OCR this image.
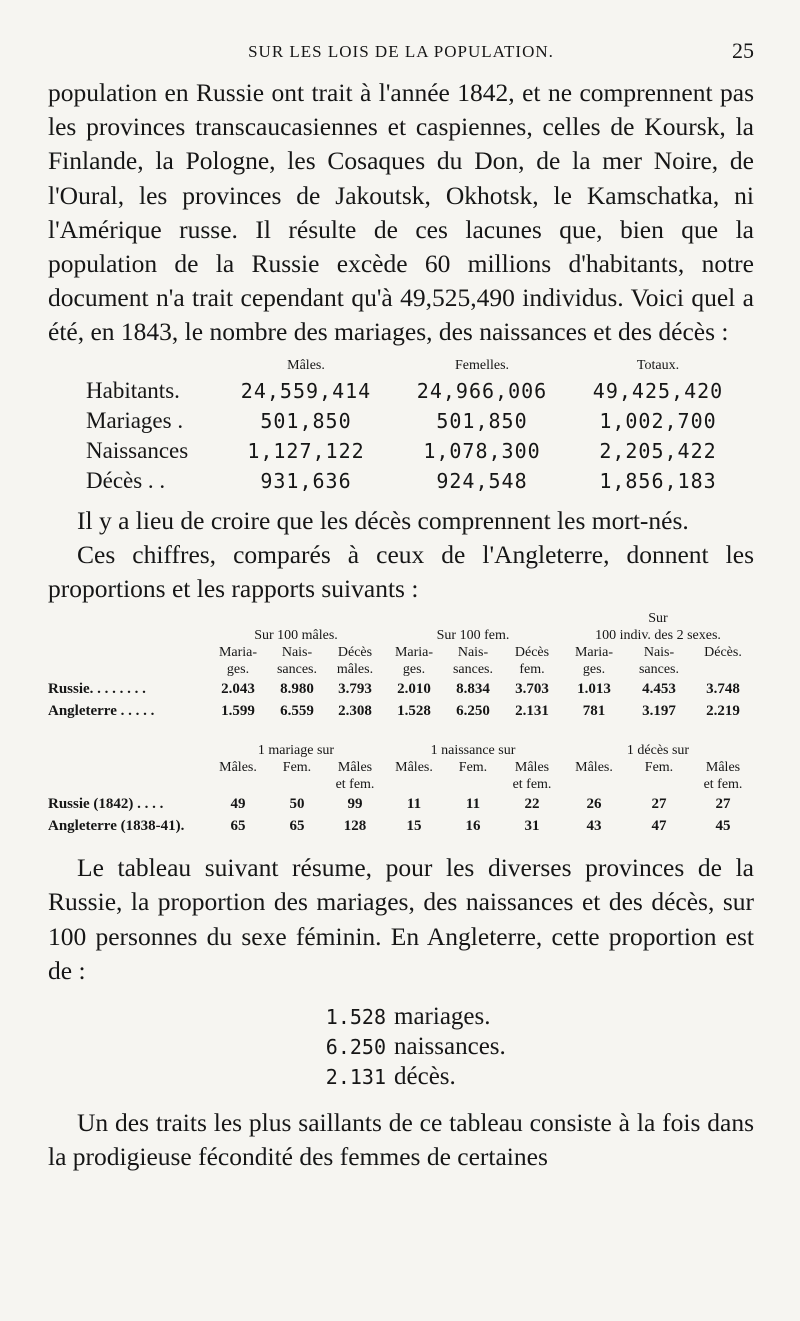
SUR LES LOIS DE LA POPULATION.	25

population en Russie ont trait à l'année 1842, et ne comprennent pas les provinces transcaucasiennes et caspiennes, celles de Koursk, la Finlande, la Pologne, les Cosaques du Don, de la mer Noire, de l'Oural, les provinces de Jakoutsk, Okhotsk, le Kamschatka, ni l'Amérique russe. Il résulte de ces lacunes que, bien que la population de la Russie excède 60 millions d'habitants, notre document n'a trait cependant qu'à 49,525,490 individus. Voici quel a été, en 1843, le nombre des mariages, des naissances et des décès :

	Mâles.	Femelles.	Totaux.
Habitants.	24,559,414	24,966,006	49,425,420
Mariages .	501,850	501,850	1,002,700
Naissances	1,127,122	1,078,300	2,205,422
Décès . .	931,636	924,548	1,856,183

Il y a lieu de croire que les décès comprennent les mort-nés.

Ces chiffres, comparés à ceux de l'Angleterre, donnent les proportions et les rapports suivants :

							Sur		
	Sur 100 mâles.			Sur 100 fem.			100 indiv. des 2 sexes.		
	Maria-	Nais-	Décès	Maria-	Nais-	Décès	Maria-	Nais-	Décès.
	ges.	sances.	mâles.	ges.	sances.	fem.	ges.	sances.	
Russie. . . . . . . .	2.043	8.980	3.793	2.010	8.834	3.703	1.013	4.453	3.748
Angleterre . . . . .	1.599	6.559	2.308	1.528	6.250	2.131	781	3.197	2.219
	1 mariage sur			1 naissance sur			1 décès sur		
	Mâles.	Fem.	Mâles	Mâles.	Fem.	Mâles	Mâles.	Fem.	Mâles
			et fem.			et fem.			et fem.
Russie (1842) . . . .	49	50	99	11	11	22	26	27	27
Angleterre (1838-41).	65	65	128	15	16	31	43	47	45

Le tableau suivant résume, pour les diverses provinces de la Russie, la proportion des mariages, des naissances et des décès, sur 100 personnes du sexe féminin. En Angleterre, cette proportion est de :

1.528 mariages.
6.250 naissances.
2.131 décès.

Un des traits les plus saillants de ce tableau consiste à la fois dans la prodigieuse fécondité des femmes de certaines
